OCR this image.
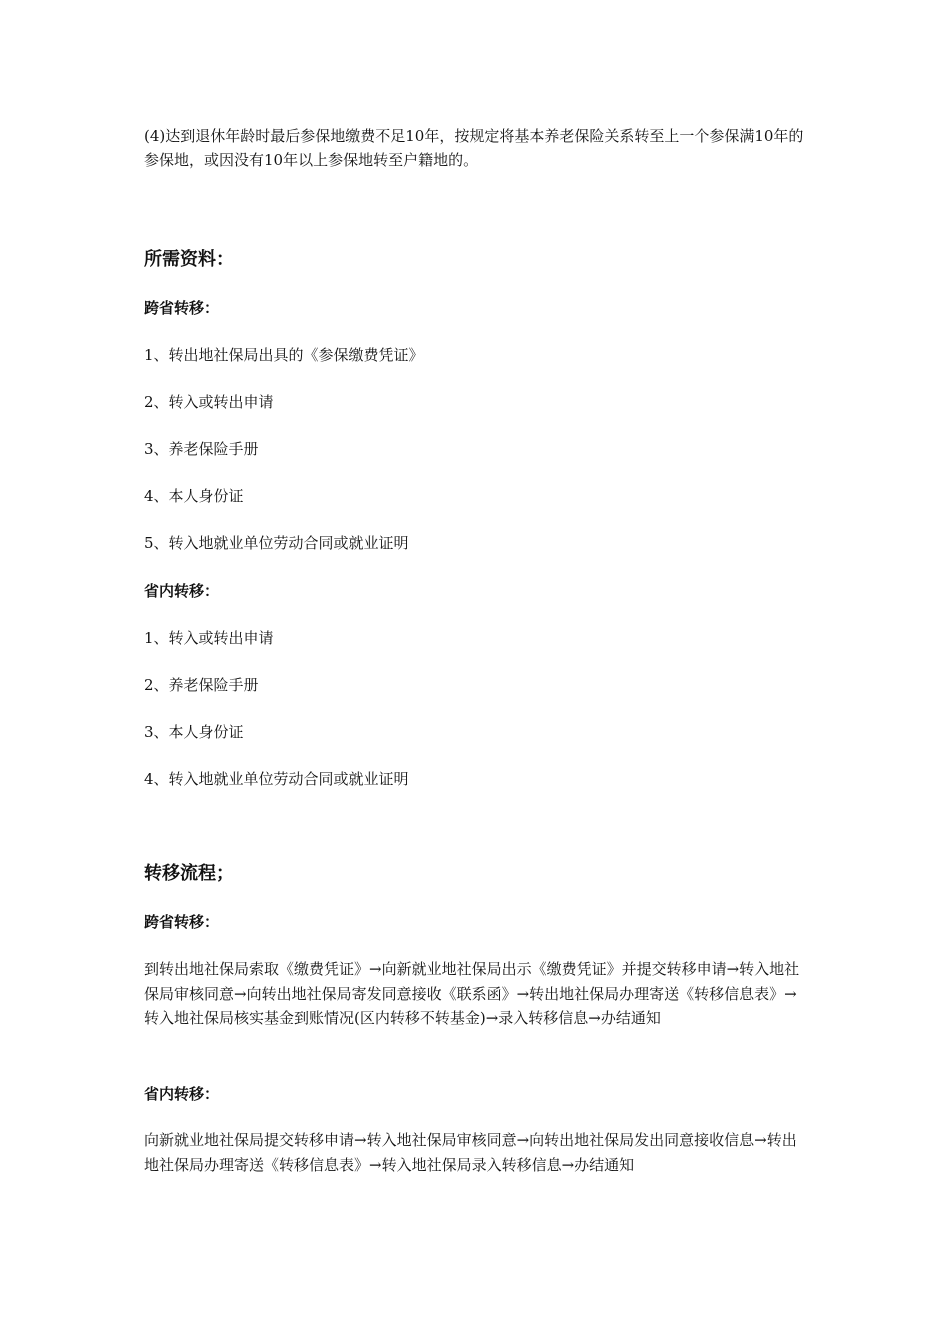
(4)达到退休年龄时最后参保地缴费不足10年，按规定将基本养老保险关系转至上一个参保满10年的参保地，或因没有10年以上参保地转至户籍地的。

所需资料：
跨省转移：

1、转出地社保局出具的《参保缴费凭证》

2、转入或转出申请

3、养老保险手册

4、本人身份证

5、转入地就业单位劳动合同或就业证明

省内转移：

1、转入或转出申请

2、养老保险手册

3、本人身份证

4、转入地就业单位劳动合同或就业证明

转移流程；
跨省转移：

到转出地社保局索取《缴费凭证》→向新就业地社保局出示《缴费凭证》并提交转移申请→转入地社保局审核同意→向转出地社保局寄发同意接收《联系函》→转出地社保局办理寄送《转移信息表》→转入地社保局核实基金到账情况(区内转移不转基金)→录入转移信息→办结通知

省内转移：

向新就业地社保局提交转移申请→转入地社保局审核同意→向转出地社保局发出同意接收信息→转出地社保局办理寄送《转移信息表》→转入地社保局录入转移信息→办结通知
